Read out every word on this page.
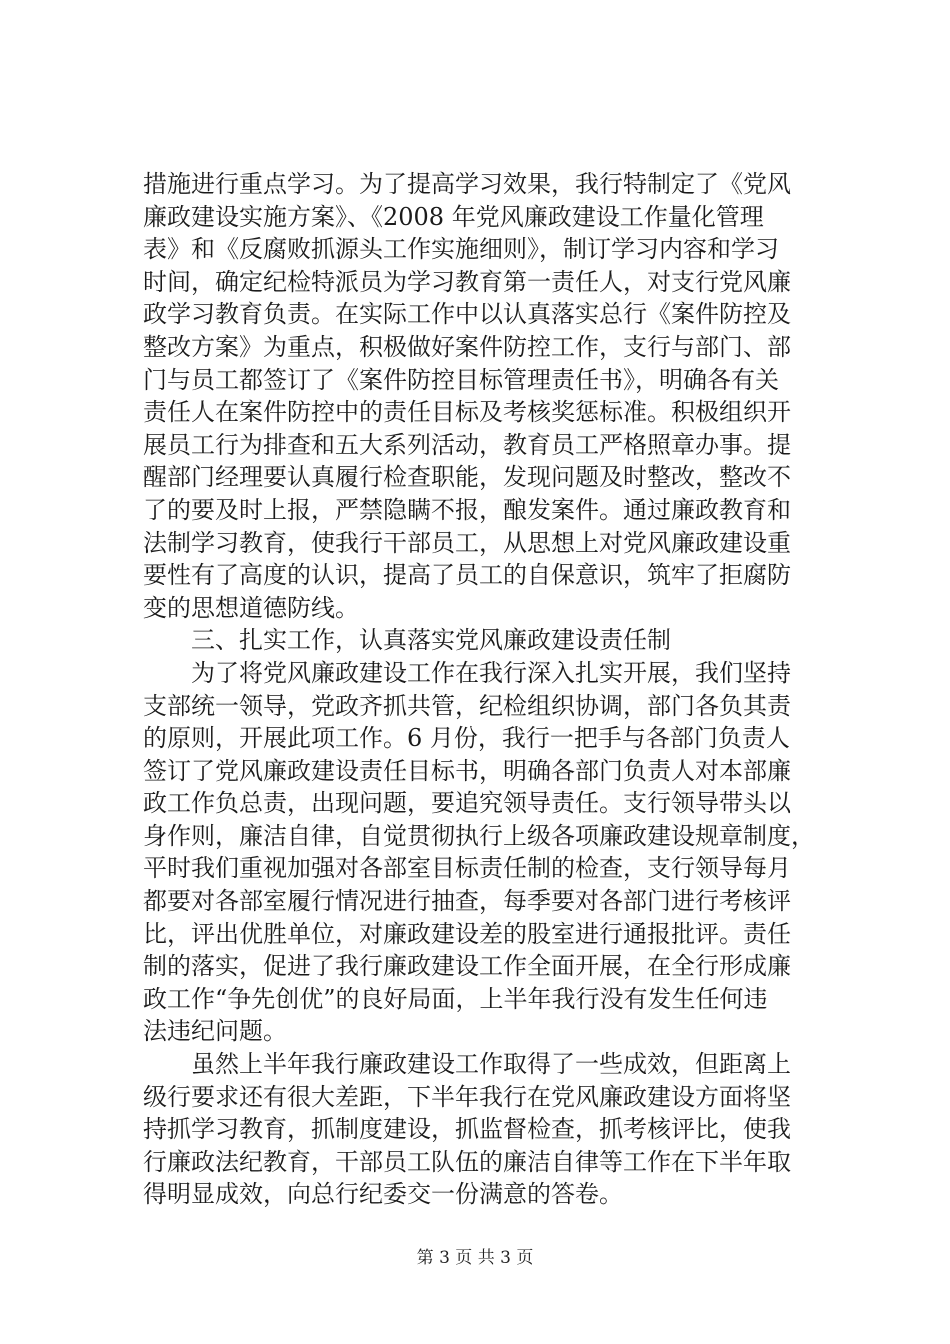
措施进行重点学习。为了提高学习效果，我行特制定了《党风
廉政建设实施方案》、《2008 年党风廉政建设工作量化管理
表》和《反腐败抓源头工作实施细则》，制订学习内容和学习
时间，确定纪检特派员为学习教育第一责任人，对支行党风廉
政学习教育负责。在实际工作中以认真落实总行《案件防控及
整改方案》为重点，积极做好案件防控工作，支行与部门、部
门与员工都签订了《案件防控目标管理责任书》，明确各有关
责任人在案件防控中的责任目标及考核奖惩标准。积极组织开
展员工行为排查和五大系列活动，教育员工严格照章办事。提
醒部门经理要认真履行检查职能，发现问题及时整改，整改不
了的要及时上报，严禁隐瞒不报，酿发案件。通过廉政教育和
法制学习教育，使我行干部员工，从思想上对党风廉政建设重
要性有了高度的认识，提高了员工的自保意识，筑牢了拒腐防
变的思想道德防线。
　　三、扎实工作，认真落实党风廉政建设责任制
　　为了将党风廉政建设工作在我行深入扎实开展，我们坚持
支部统一领导，党政齐抓共管，纪检组织协调，部门各负其责
的原则，开展此项工作。6 月份，我行一把手与各部门负责人
签订了党风廉政建设责任目标书，明确各部门负责人对本部廉
政工作负总责，出现问题，要追究领导责任。支行领导带头以
身作则，廉洁自律，自觉贯彻执行上级各项廉政建设规章制度，
平时我们重视加强对各部室目标责任制的检查，支行领导每月
都要对各部室履行情况进行抽查，每季要对各部门进行考核评
比，评出优胜单位，对廉政建设差的股室进行通报批评。责任
制的落实，促进了我行廉政建设工作全面开展，在全行形成廉
政工作“争先创优”的良好局面，上半年我行没有发生任何违
法违纪问题。
　　虽然上半年我行廉政建设工作取得了一些成效，但距离上
级行要求还有很大差距，下半年我行在党风廉政建设方面将坚
持抓学习教育，抓制度建设，抓监督检查，抓考核评比，使我
行廉政法纪教育，干部员工队伍的廉洁自律等工作在下半年取
得明显成效，向总行纪委交一份满意的答卷。
第 3 页 共 3 页
